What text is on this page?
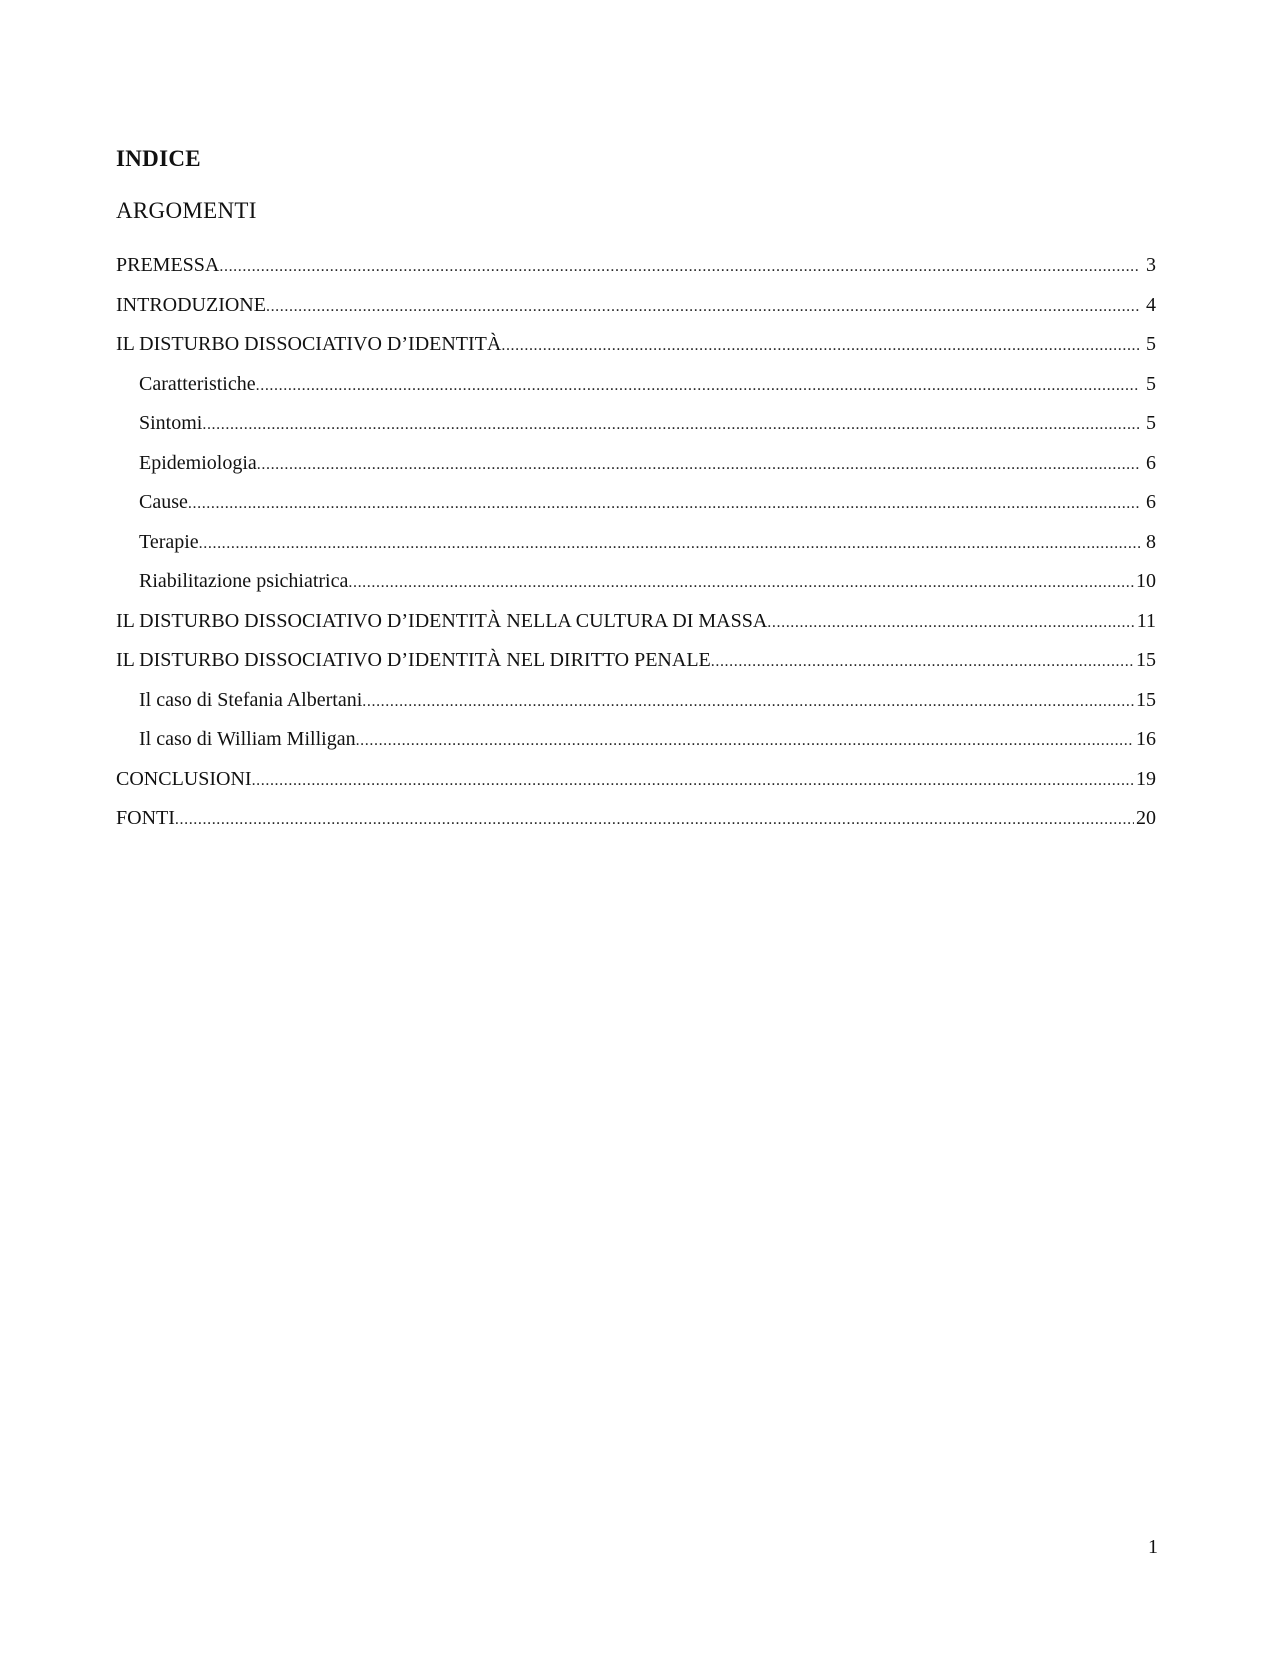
INDICE
ARGOMENTI
PREMESSA .....	3
INTRODUZIONE .....	4
IL DISTURBO DISSOCIATIVO D’IDENTITÀ .....	5
Caratteristiche .....	5
Sintomi .....	5
Epidemiologia .....	6
Cause .....	6
Terapie .....	8
Riabilitazione psichiatrica .....	10
IL DISTURBO DISSOCIATIVO D’IDENTITÀ NELLA CULTURA DI MASSA .....	11
IL DISTURBO DISSOCIATIVO D’IDENTITÀ NEL DIRITTO PENALE .....	15
Il caso di Stefania Albertani .....	15
Il caso di William Milligan .....	16
CONCLUSIONI .....	19
FONTI .....	20
1
